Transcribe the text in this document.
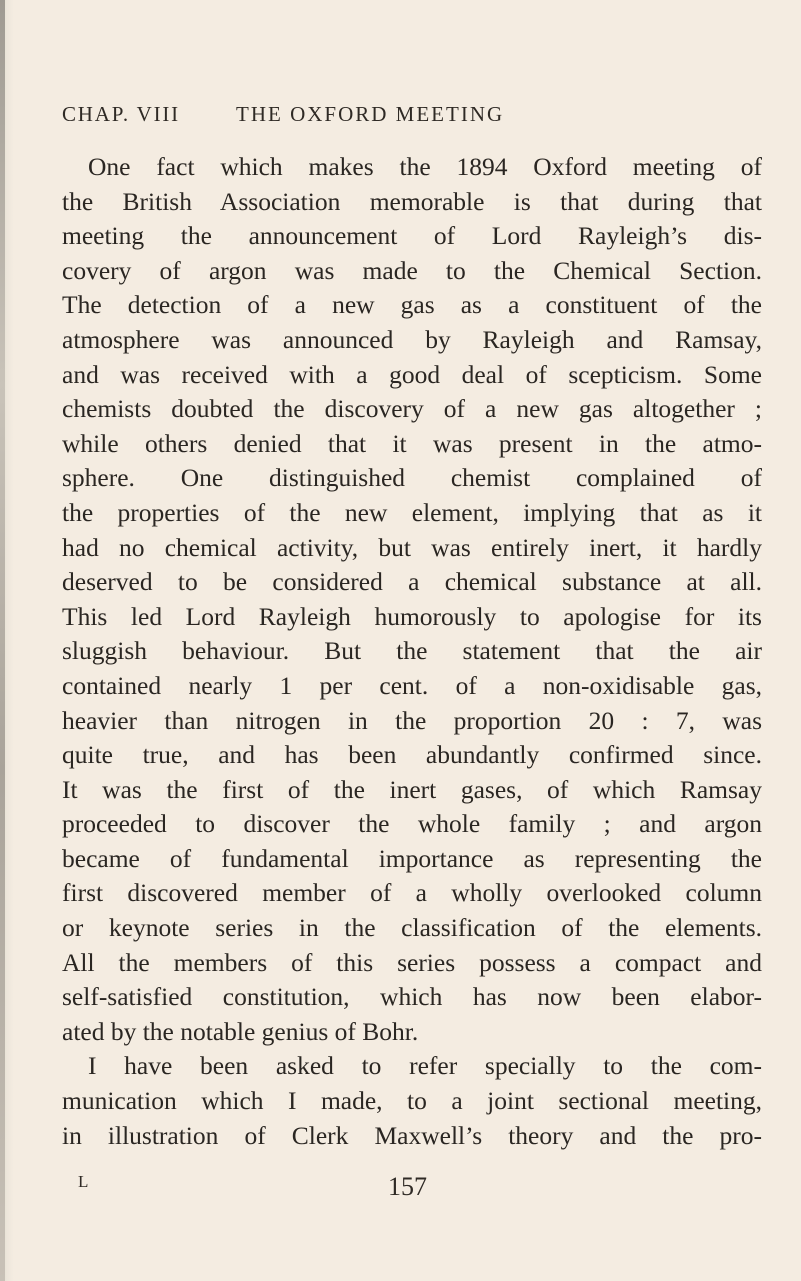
CHAP. VIII	THE OXFORD MEETING
One fact which makes the 1894 Oxford meeting of
the British Association memorable is that during that
meeting the announcement of Lord Rayleigh’s dis-
covery of argon was made to the Chemical Section.
The detection of a new gas as a constituent of the
atmosphere was announced by Rayleigh and Ramsay,
and was received with a good deal of scepticism. Some
chemists doubted the discovery of a new gas altogether ;
while others denied that it was present in the atmo-
sphere. One distinguished chemist complained of
the properties of the new element, implying that as it
had no chemical activity, but was entirely inert, it hardly
deserved to be considered a chemical substance at all.
This led Lord Rayleigh humorously to apologise for its
sluggish behaviour. But the statement that the air
contained nearly 1 per cent. of a non-oxidisable gas,
heavier than nitrogen in the proportion 20 : 7, was
quite true, and has been abundantly confirmed since.
It was the first of the inert gases, of which Ramsay
proceeded to discover the whole family ; and argon
became of fundamental importance as representing the
first discovered member of a wholly overlooked column
or keynote series in the classification of the elements.
All the members of this series possess a compact and
self-satisfied constitution, which has now been elabor-
ated by the notable genius of Bohr.
I have been asked to refer specially to the com-
munication which I made, to a joint sectional meeting,
in illustration of Clerk Maxwell’s theory and the pro-
L	157
